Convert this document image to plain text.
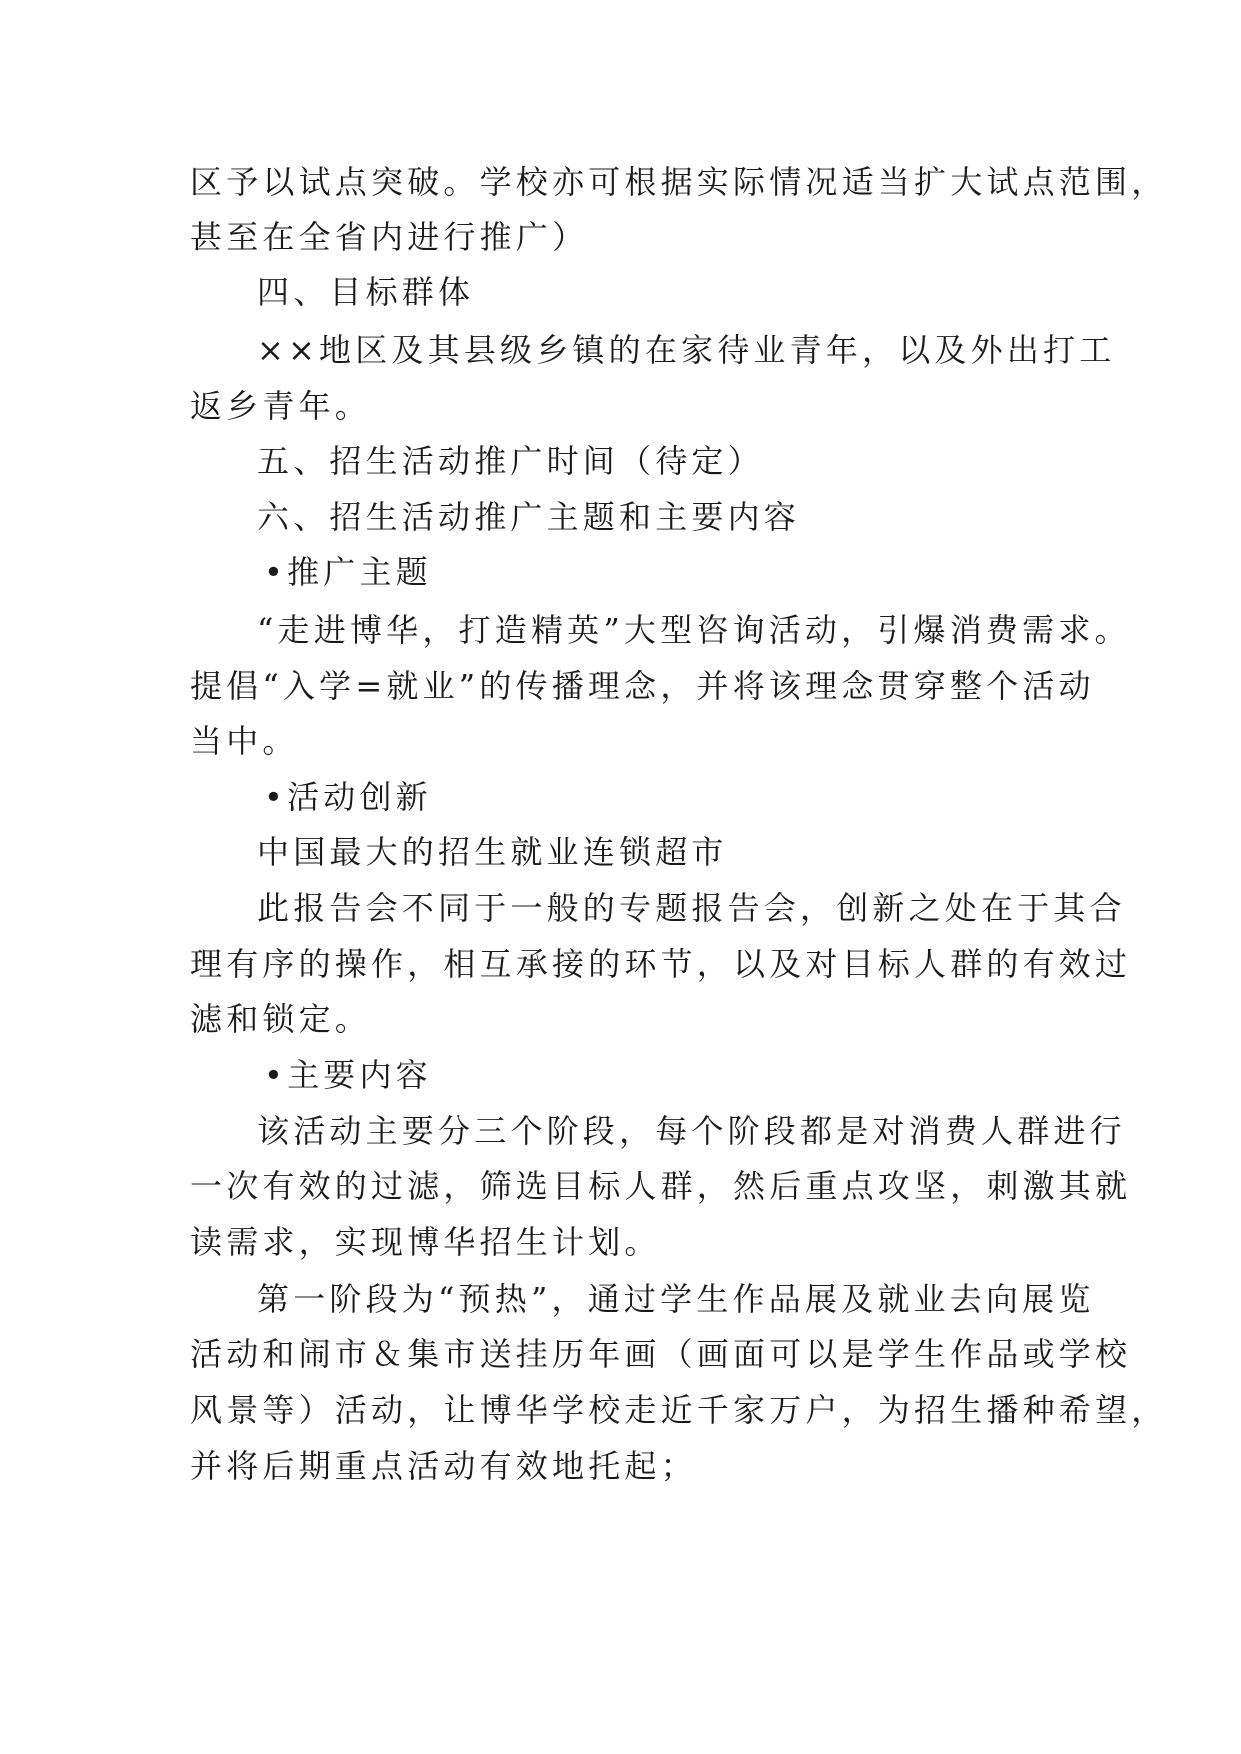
区予以试点突破。学校亦可根据实际情况适当扩大试点范围，
甚至在全省内进行推广）
四、目标群体
××地区及其县级乡镇的在家待业青年，以及外出打工
返乡青年。
五、招生活动推广时间（待定）
六、招生活动推广主题和主要内容
•推广主题
“走进博华，打造精英”大型咨询活动，引爆消费需求。
提倡“入学=就业”的传播理念，并将该理念贯穿整个活动
当中。
•活动创新
中国最大的招生就业连锁超市
此报告会不同于一般的专题报告会，创新之处在于其合
理有序的操作，相互承接的环节，以及对目标人群的有效过
滤和锁定。
•主要内容
该活动主要分三个阶段，每个阶段都是对消费人群进行
一次有效的过滤，筛选目标人群，然后重点攻坚，刺激其就
读需求，实现博华招生计划。
第一阶段为“预热”，通过学生作品展及就业去向展览
活动和闹市＆集市送挂历年画（画面可以是学生作品或学校
风景等）活动，让博华学校走近千家万户，为招生播种希望，
并将后期重点活动有效地托起；
